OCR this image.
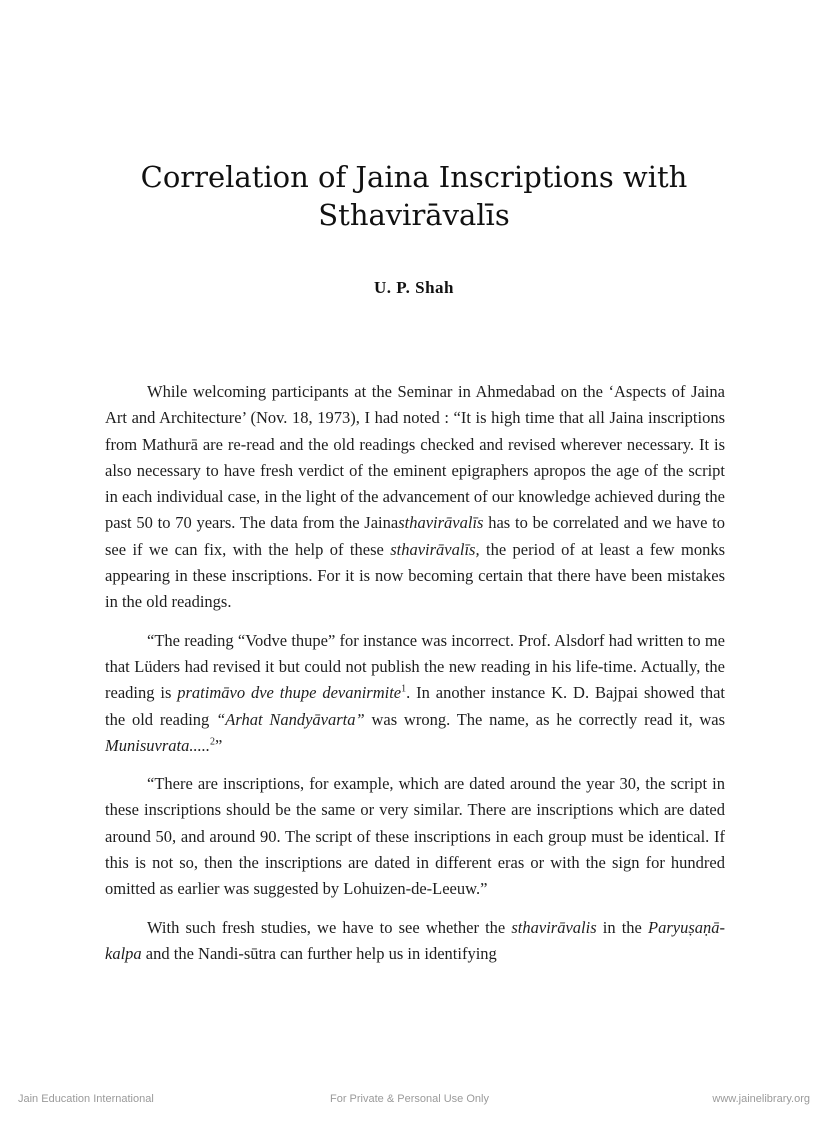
Correlation of Jaina Inscriptions with
Sthavirāvalīs
U. P. Shah

While welcoming participants at the Seminar in Ahmedabad on the ‘Aspects of Jaina Art and Architecture’ (Nov. 18, 1973), I had noted : “It is high time that all Jaina inscriptions from Mathurā are re-read and the old readings checked and revised wherever necessary. It is also necessary to have fresh verdict of the eminent epigraphers apropos the age of the script in each individual case, in the light of the advancement of our knowledge achieved during the past 50 to 70 years. The data from the Jainasthavirāvalīs has to be correlated and we have to see if we can fix, with the help of these sthavirāvalīs, the period of at least a few monks appearing in these inscriptions. For it is now becoming certain that there have been mistakes in the old readings.

“The reading “Vodve thupe” for instance was incorrect. Prof. Alsdorf had written to me that Lüders had revised it but could not publish the new reading in his life-time. Actually, the reading is pratimāvo dve thupe devanirmite$^1$. In another instance K. D. Bajpai showed that the old reading “Arhat Nandyāvarta” was wrong. The name, as he correctly read it, was Munisuvrata.....$^2$”

“There are inscriptions, for example, which are dated around the year 30, the script in these inscriptions should be the same or very similar. There are inscriptions which are dated around 50, and around 90. The script of these inscriptions in each group must be identical. If this is not so, then the inscriptions are dated in different eras or with the sign for hundred omitted as earlier was suggested by Lohuizen-de-Leeuw.”

With such fresh studies, we have to see whether the sthavirāvalis in the Paryuṣaṇā-kalpa and the Nandi-sūtra can further help us in identifying

Jain Education International	For Private & Personal Use Only	www.jainelibrary.org
